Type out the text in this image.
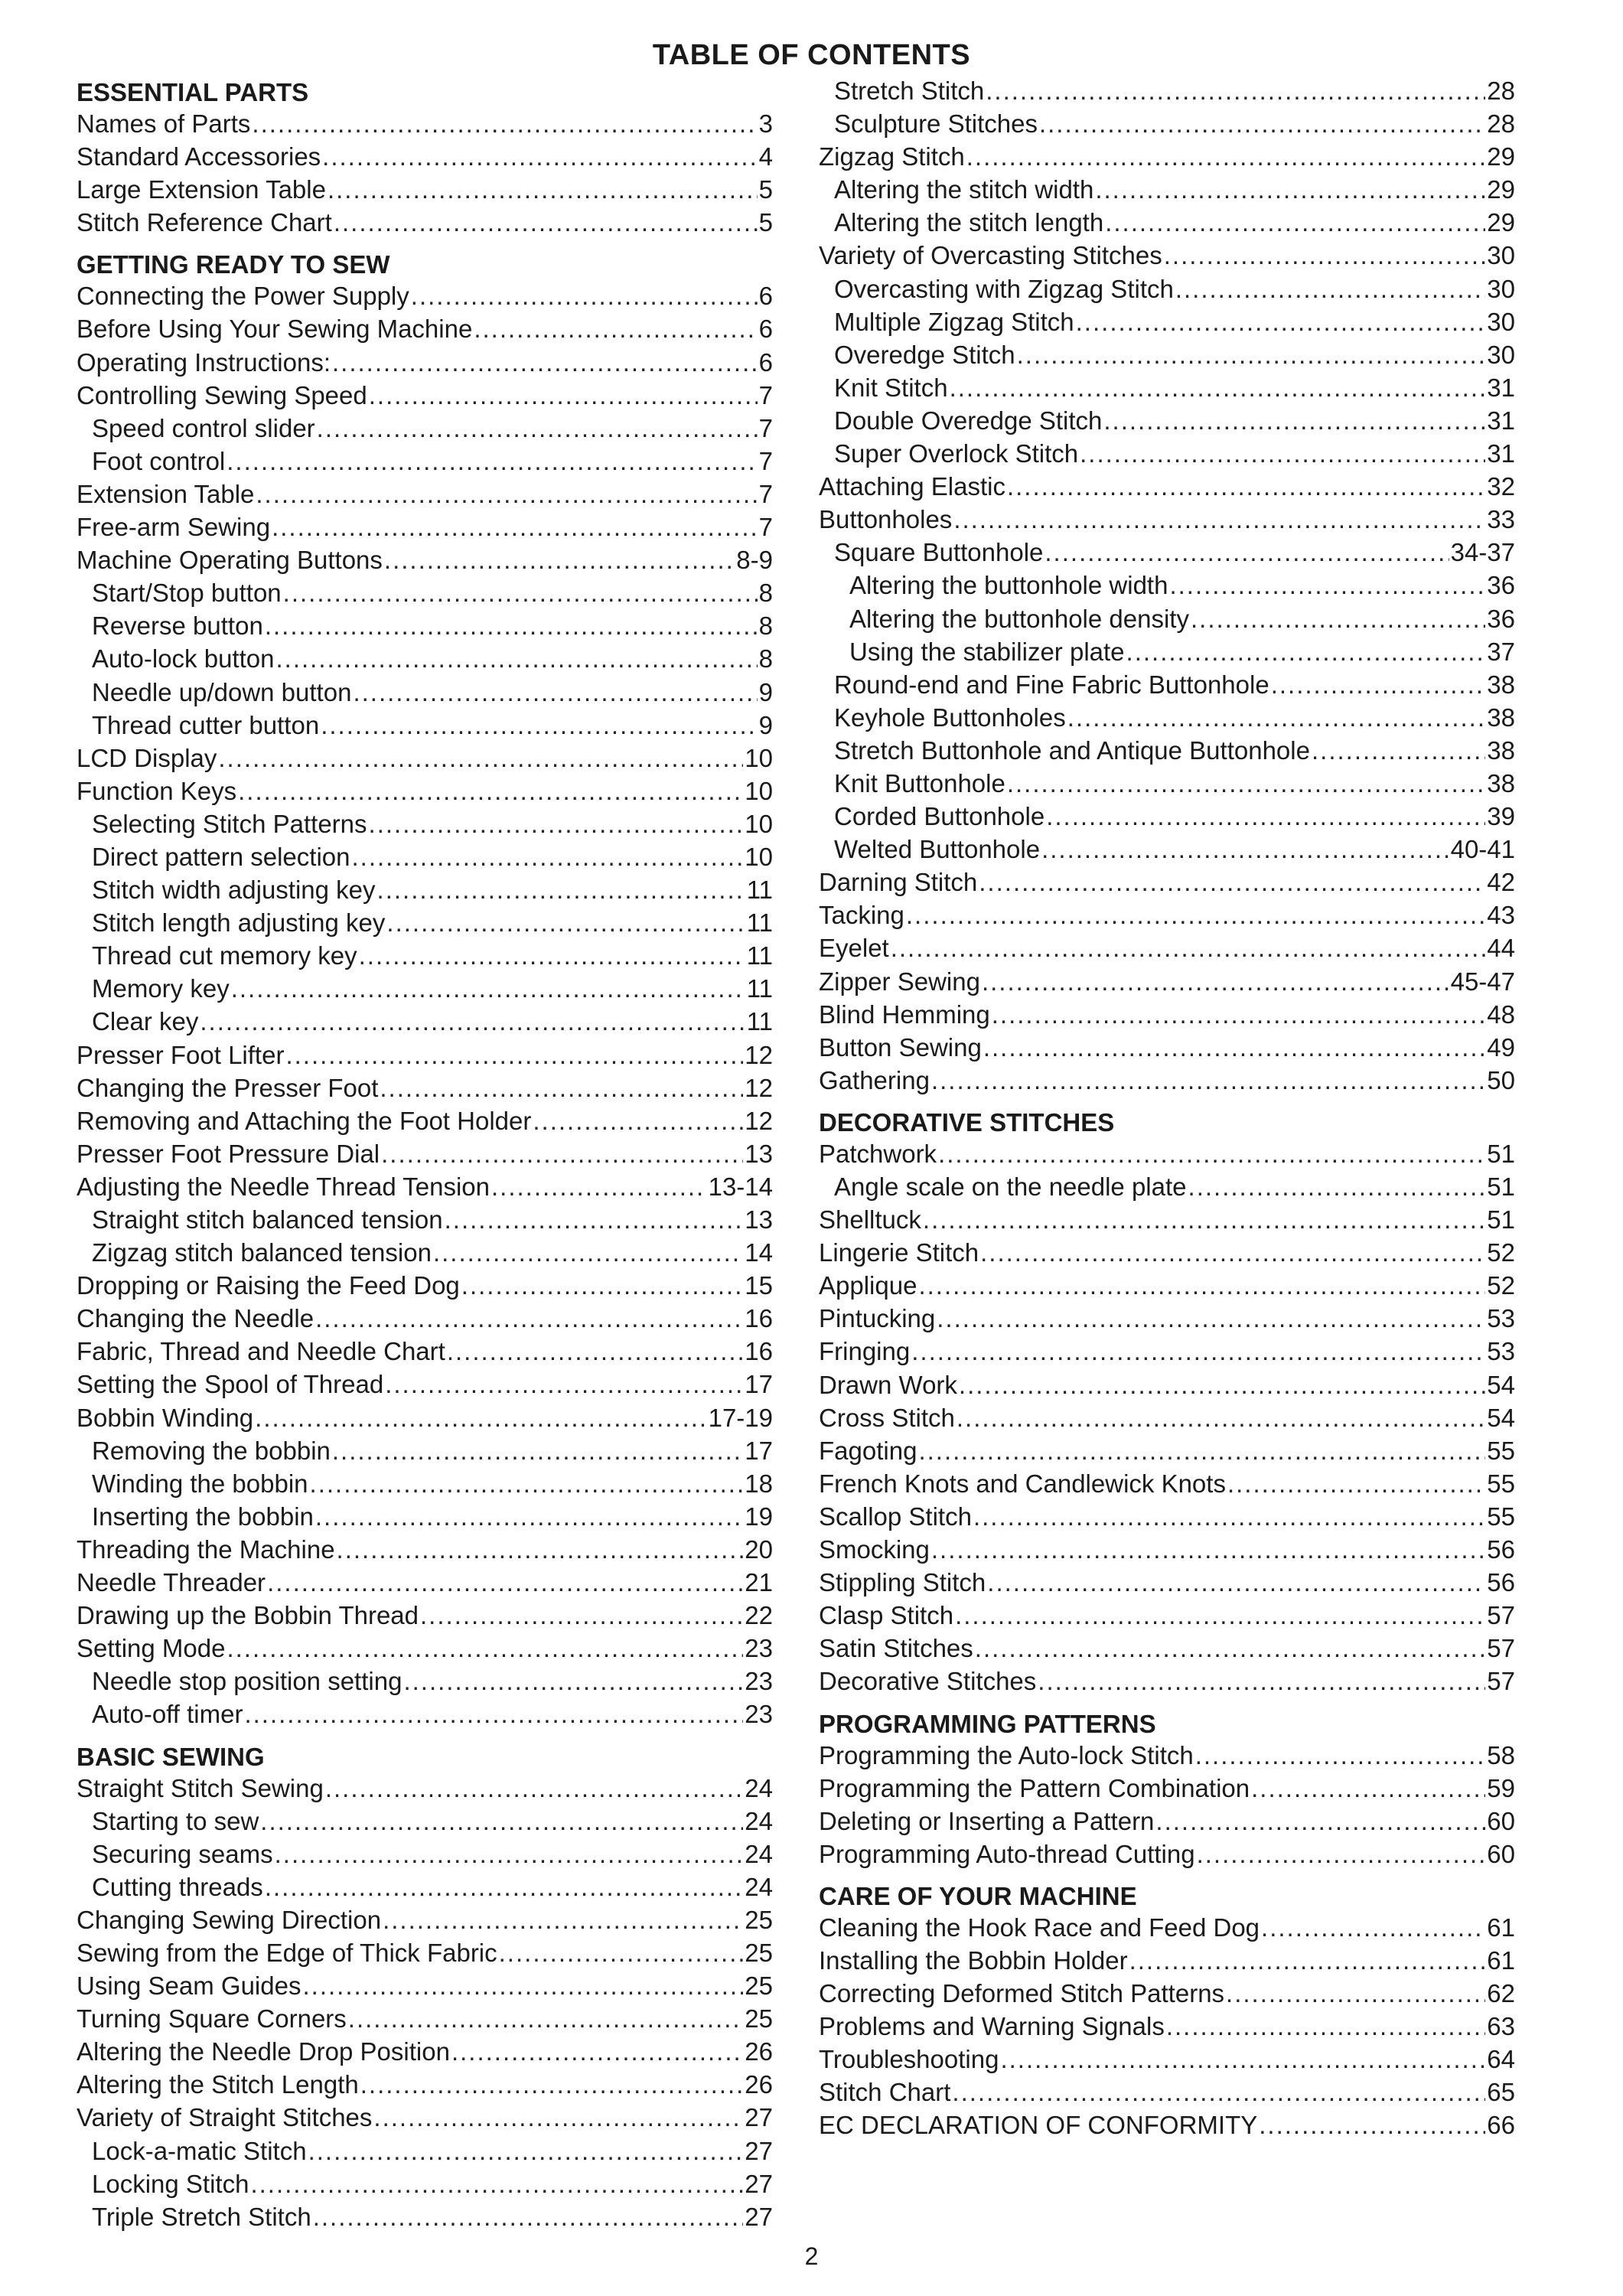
TABLE OF CONTENTS
ESSENTIAL PARTS
Names of Parts .....	3
Standard Accessories .....	4
Large Extension Table .....	5
Stitch Reference Chart .....	5
GETTING READY TO SEW
Connecting the Power Supply .....	6
Before Using Your Sewing Machine .....	6
Operating Instructions: .....	6
Controlling Sewing Speed .....	7
Speed control slider .....	7
Foot control .....	7
Extension Table .....	7
Free-arm Sewing .....	7
Machine Operating Buttons .....	8-9
Start/Stop button .....	8
Reverse button .....	8
Auto-lock button .....	8
Needle up/down button .....	9
Thread cutter button .....	9
LCD Display .....	10
Function Keys .....	10
Selecting Stitch Patterns .....	10
Direct pattern selection .....	10
Stitch width adjusting key .....	11
Stitch length adjusting key .....	11
Thread cut memory key .....	11
Memory key .....	11
Clear key .....	11
Presser Foot Lifter .....	12
Changing the Presser Foot .....	12
Removing and Attaching the Foot Holder .....	12
Presser Foot Pressure Dial .....	13
Adjusting the Needle Thread Tension .....	13-14
Straight stitch balanced tension .....	13
Zigzag stitch balanced tension .....	14
Dropping or Raising the Feed Dog .....	15
Changing the Needle .....	16
Fabric, Thread and Needle Chart .....	16
Setting the Spool of Thread .....	17
Bobbin Winding .....	17-19
Removing the bobbin .....	17
Winding the bobbin .....	18
Inserting the bobbin .....	19
Threading the Machine .....	20
Needle Threader .....	21
Drawing up the Bobbin Thread .....	22
Setting Mode .....	23
Needle stop position setting .....	23
Auto-off timer .....	23
BASIC SEWING
Straight Stitch Sewing .....	24
Starting to sew .....	24
Securing seams .....	24
Cutting threads .....	24
Changing Sewing Direction .....	25
Sewing from the Edge of Thick Fabric .....	25
Using Seam Guides .....	25
Turning Square Corners .....	25
Altering the Needle Drop Position .....	26
Altering the Stitch Length .....	26
Variety of Straight Stitches .....	27
Lock-a-matic Stitch .....	27
Locking Stitch .....	27
Triple Stretch Stitch .....	27
Stretch Stitch .....	28
Sculpture Stitches .....	28
Zigzag Stitch .....	29
Altering the stitch width .....	29
Altering the stitch length .....	29
Variety of Overcasting Stitches .....	30
Overcasting with Zigzag Stitch .....	30
Multiple Zigzag Stitch .....	30
Overedge Stitch .....	30
Knit Stitch .....	31
Double Overedge Stitch .....	31
Super Overlock Stitch .....	31
Attaching Elastic .....	32
Buttonholes .....	33
Square Buttonhole .....	34-37
Altering the buttonhole width .....	36
Altering the buttonhole density .....	36
Using the stabilizer plate .....	37
Round-end and Fine Fabric Buttonhole .....	38
Keyhole Buttonholes .....	38
Stretch Buttonhole and Antique Buttonhole .....	38
Knit Buttonhole .....	38
Corded Buttonhole .....	39
Welted Buttonhole .....	40-41
Darning Stitch .....	42
Tacking .....	43
Eyelet .....	44
Zipper Sewing .....	45-47
Blind Hemming .....	48
Button Sewing .....	49
Gathering .....	50
DECORATIVE STITCHES
Patchwork .....	51
Angle scale on the needle plate .....	51
Shelltuck .....	51
Lingerie Stitch .....	52
Applique .....	52
Pintucking .....	53
Fringing .....	53
Drawn Work .....	54
Cross Stitch .....	54
Fagoting .....	55
French Knots and Candlewick Knots .....	55
Scallop Stitch .....	55
Smocking .....	56
Stippling Stitch .....	56
Clasp Stitch .....	57
Satin Stitches .....	57
Decorative Stitches .....	57
PROGRAMMING PATTERNS
Programming the Auto-lock Stitch .....	58
Programming the Pattern Combination .....	59
Deleting or Inserting a Pattern .....	60
Programming Auto-thread Cutting .....	60
CARE OF YOUR MACHINE
Cleaning the Hook Race and Feed Dog .....	61
Installing the Bobbin Holder .....	61
Correcting Deformed Stitch Patterns .....	62
Problems and Warning Signals .....	63
Troubleshooting .....	64
Stitch Chart .....	65
EC DECLARATION OF CONFORMITY .....	66
2
